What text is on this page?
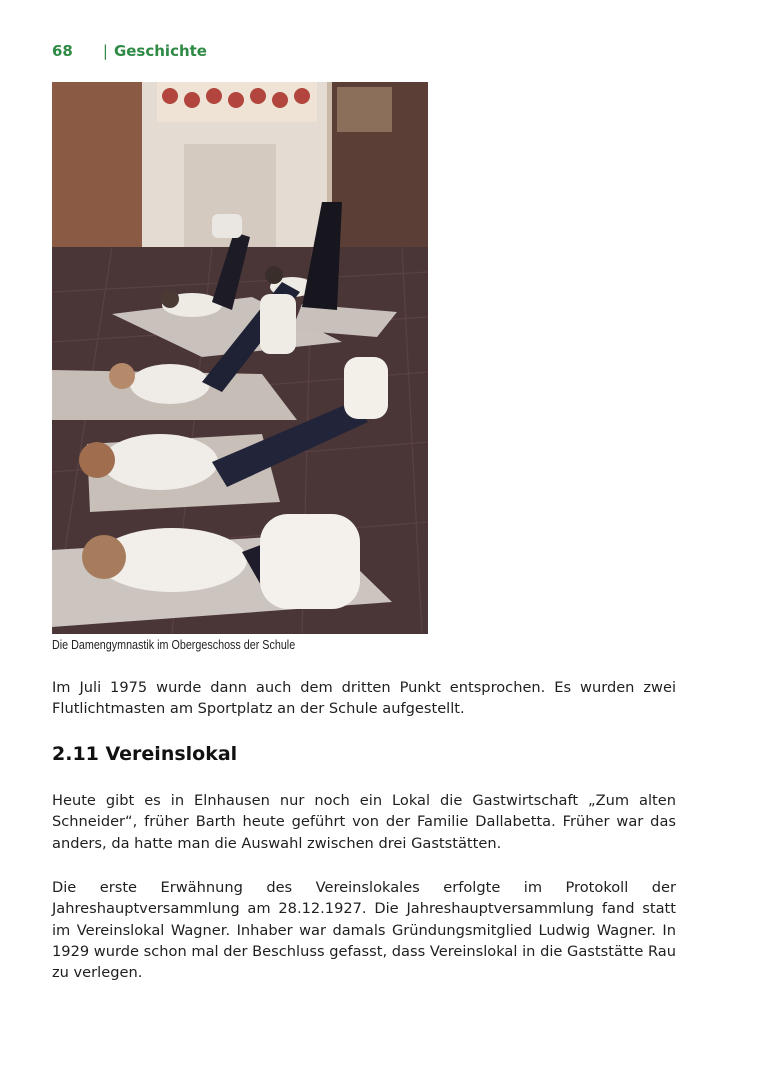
68 | Geschichte
Die Damengymnastik im Obergeschoss der Schule
Im Juli 1975 wurde dann auch dem dritten Punkt entsprochen. Es wurden zwei Flutlichtmasten am Sportplatz an der Schule aufgestellt.
2.11 Vereinslokal
Heute gibt es in Elnhausen nur noch ein Lokal die Gastwirtschaft „Zum alten Schneider“, früher Barth heute geführt von der Familie Dallabetta. Früher war das anders, da hatte man die Auswahl zwischen drei Gaststätten.
Die erste Erwähnung des Vereinslokales erfolgte im Protokoll der Jahreshauptversammlung am 28.12.1927. Die Jahreshauptversammlung fand statt im Vereinslokal Wagner. Inhaber war damals Gründungsmitglied Ludwig Wagner. In 1929 wurde schon mal der Beschluss gefasst, dass Vereinslokal in die Gaststätte Rau zu verlegen.
